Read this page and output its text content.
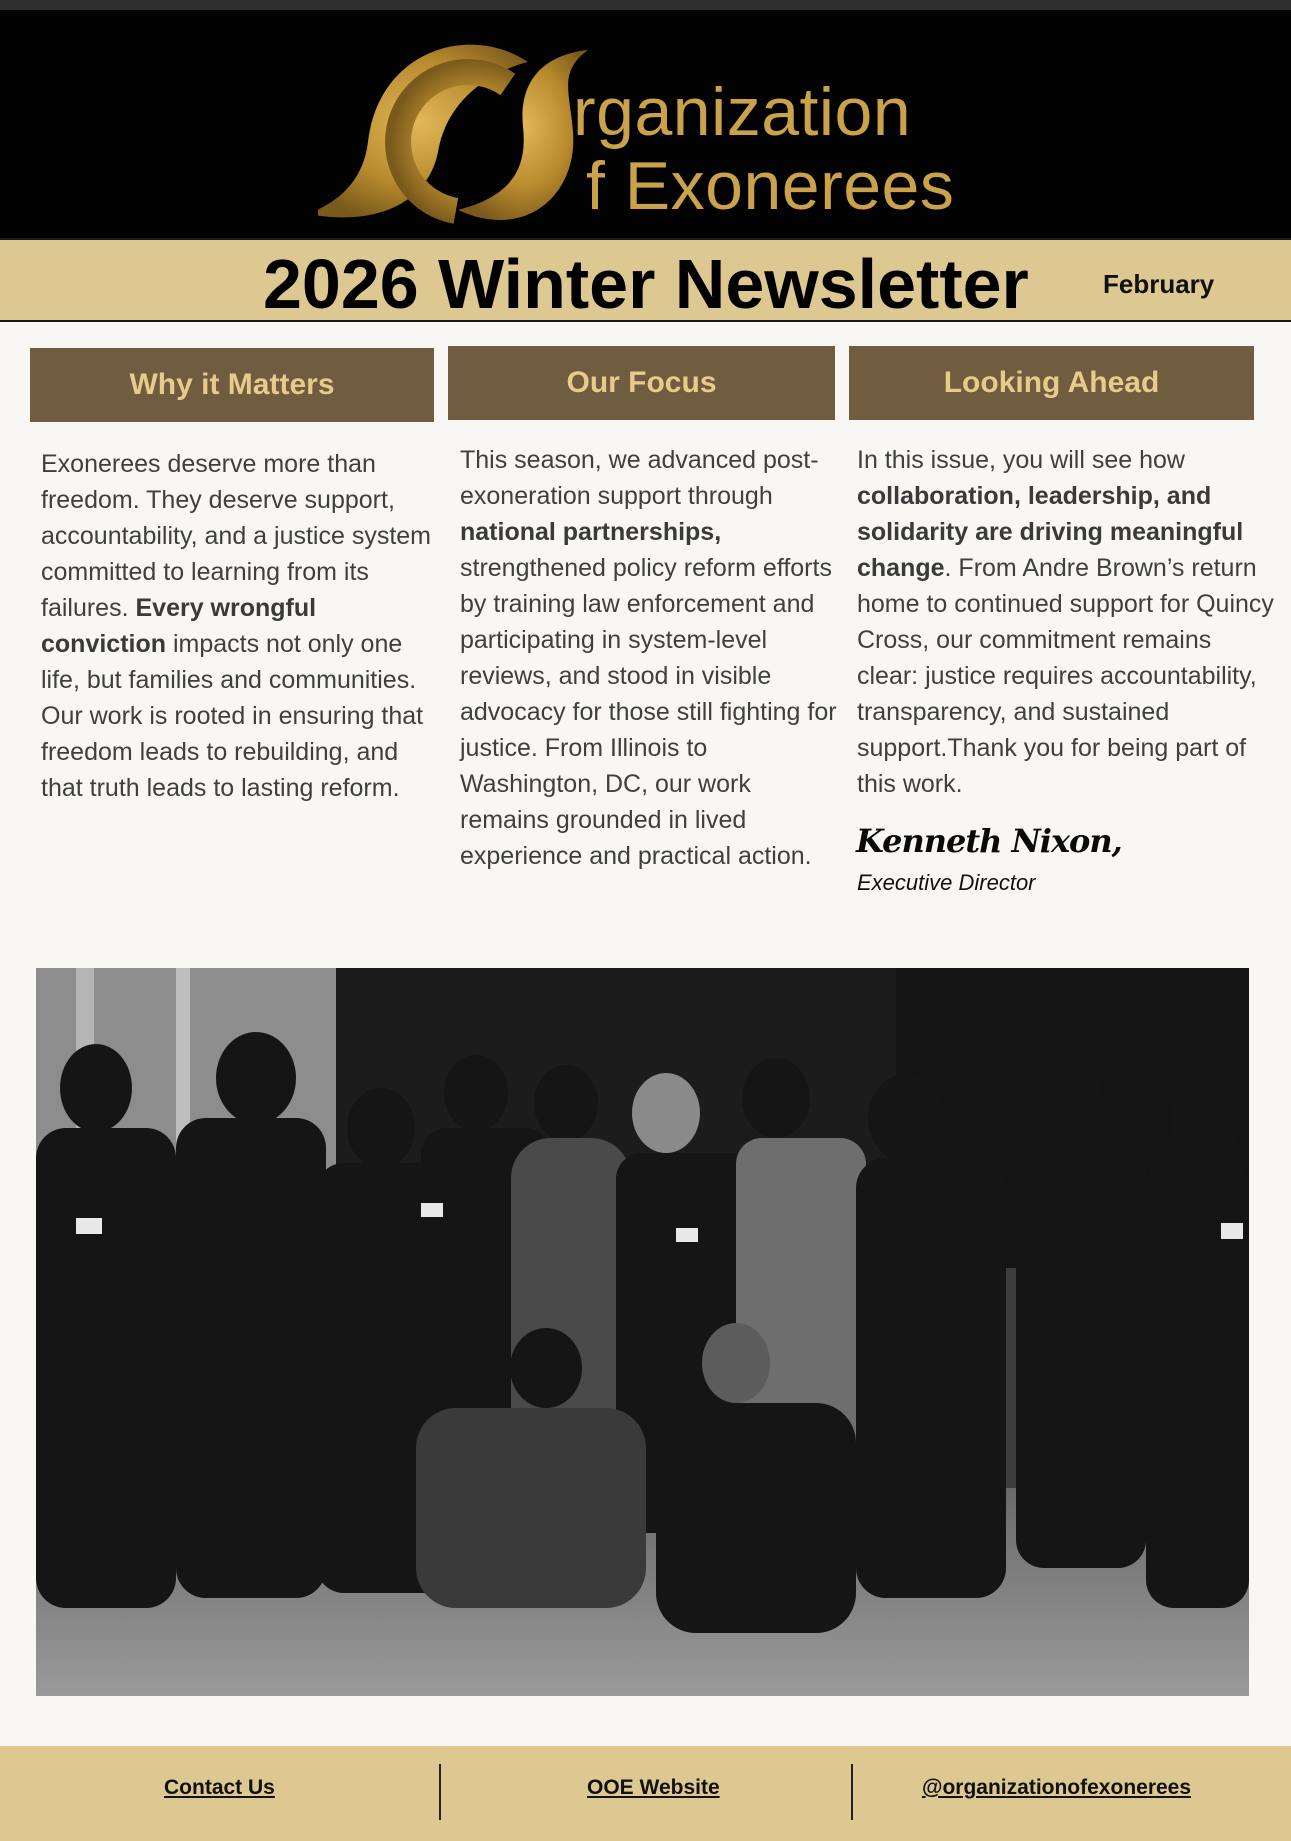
rganization
f Exonerees
2026 Winter Newsletter	February
Why it Matters	Our Focus	Looking Ahead
Exonerees deserve more than freedom. They deserve support, accountability, and a justice system committed to learning from its failures. Every wrongful conviction impacts not only one life, but families and communities. Our work is rooted in ensuring that freedom leads to rebuilding, and that truth leads to lasting reform.
This season, we advanced post-exoneration support through national partnerships, strengthened policy reform efforts by training law enforcement and participating in system-level reviews, and stood in visible advocacy for those still fighting for justice. From Illinois to Washington, DC, our work remains grounded in lived experience and practical action.
In this issue, you will see how collaboration, leadership, and solidarity are driving meaningful change. From Andre Brown’s return home to continued support for Quincy Cross, our commitment remains clear: justice requires accountability, transparency, and sustained support.Thank you for being part of this work.
Kenneth Nixon,
Executive Director
Contact Us	OOE Website	@organizationofexonerees
